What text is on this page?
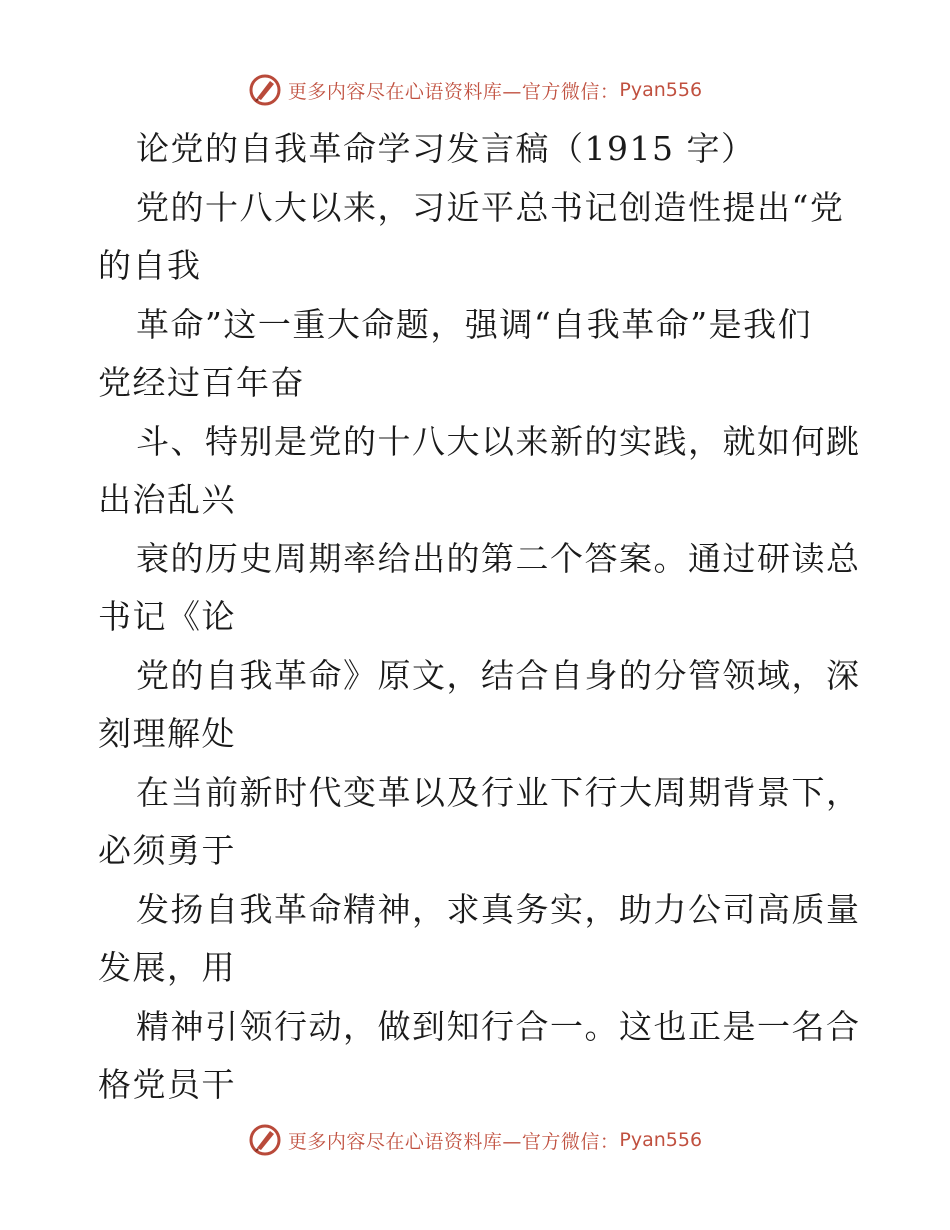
更多内容尽在心语资料库—官方微信： Pyan556
论党的自我革命学习发言稿（1915 字）
党的十八大以来，习近平总书记创造性提出“党
的自我
革命”这一重大命题，强调“自我革命”是我们
党经过百年奋
斗、特别是党的十八大以来新的实践，就如何跳
出治乱兴
衰的历史周期率给出的第二个答案。通过研读总
书记《论
党的自我革命》原文，结合自身的分管领域，深
刻理解处
在当前新时代变革以及行业下行大周期背景下，
必须勇于
发扬自我革命精神，求真务实，助力公司高质量
发展，用
精神引领行动，做到知行合一。这也正是一名合
格党员干
更多内容尽在心语资料库—官方微信： Pyan556
